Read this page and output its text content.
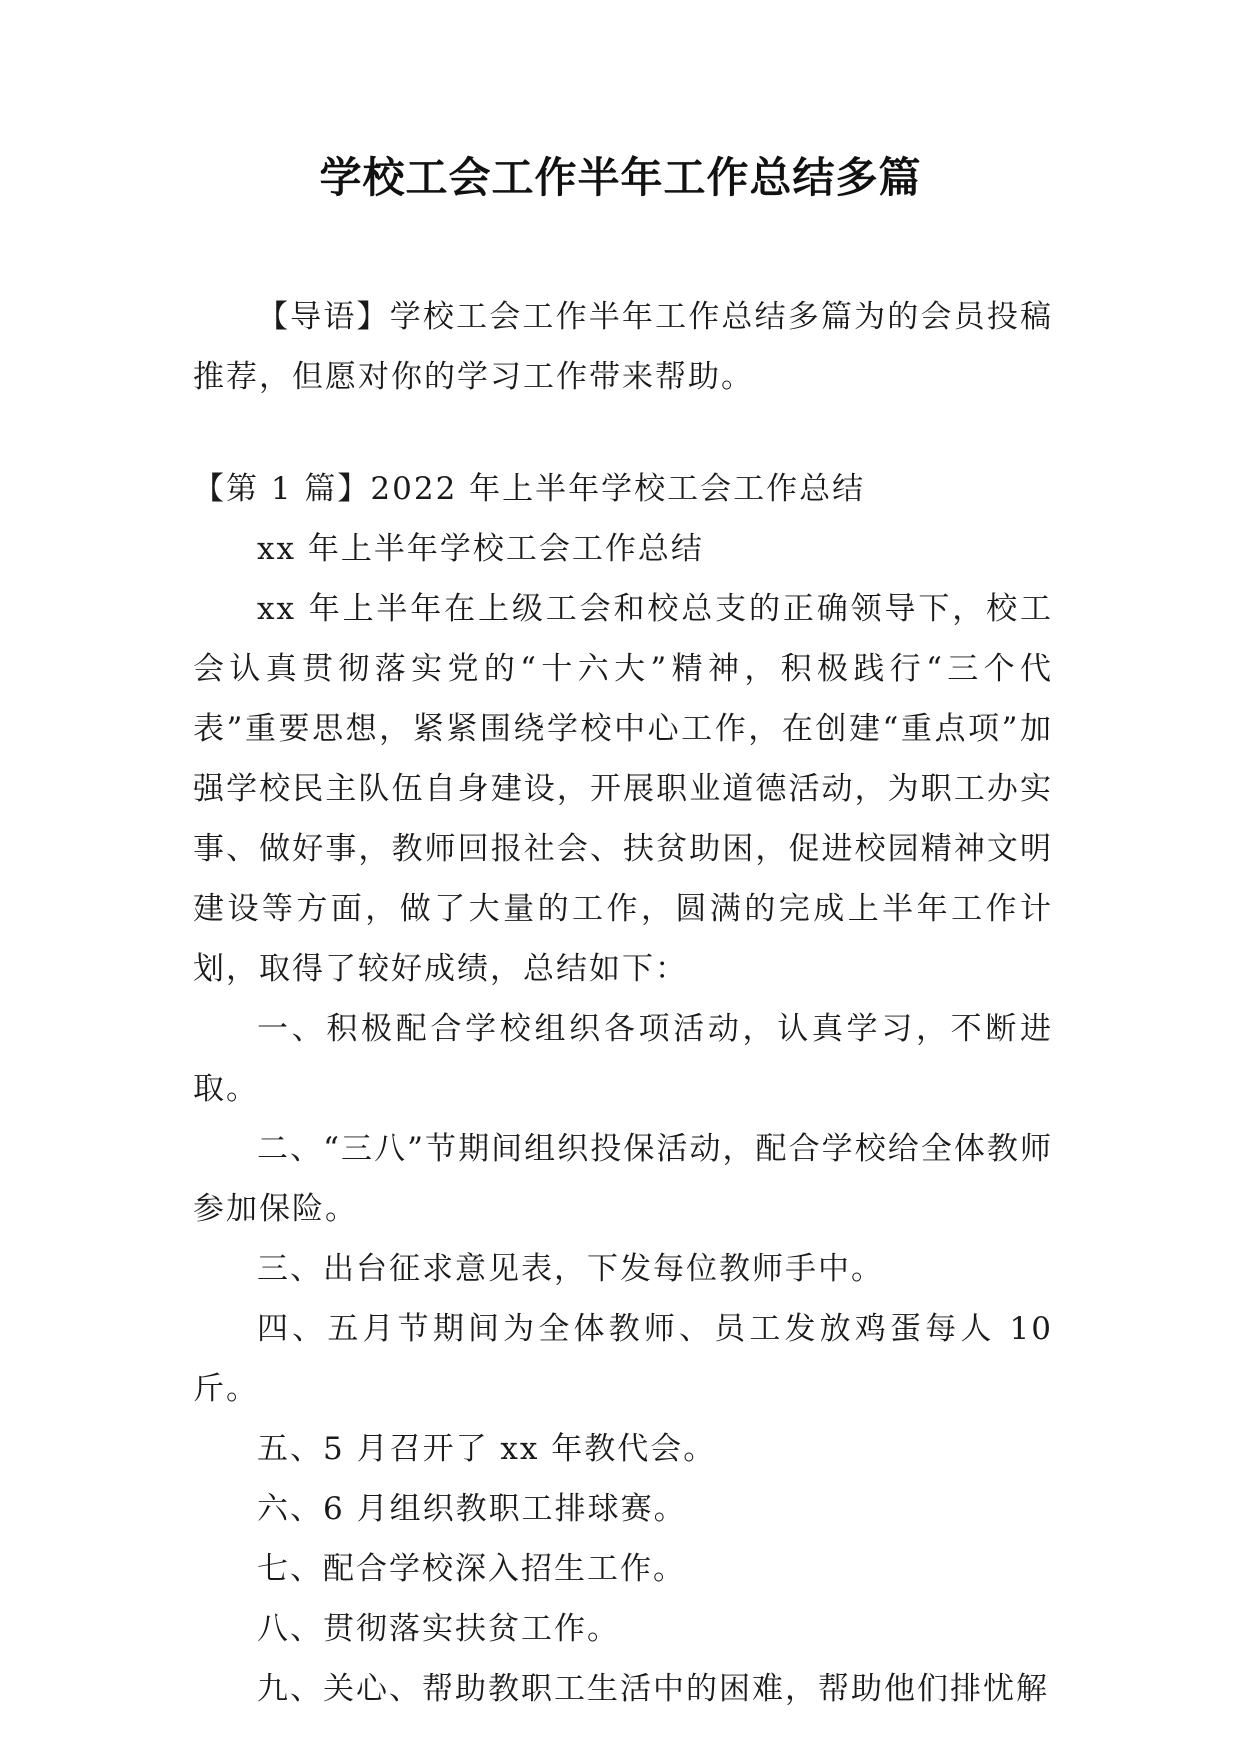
学校工会工作半年工作总结多篇

【导语】学校工会工作半年工作总结多篇为的会员投稿推荐，但愿对你的学习工作带来帮助。

【第 1 篇】2022 年上半年学校工会工作总结

xx 年上半年学校工会工作总结

xx 年上半年在上级工会和校总支的正确领导下，校工会认真贯彻落实党的“十六大”精神，积极践行“三个代表”重要思想，紧紧围绕学校中心工作，在创建“重点项”加强学校民主队伍自身建设，开展职业道德活动，为职工办实事、做好事，教师回报社会、扶贫助困，促进校园精神文明建设等方面，做了大量的工作，圆满的完成上半年工作计划，取得了较好成绩，总结如下：

一、积极配合学校组织各项活动，认真学习，不断进取。

二、“三八”节期间组织投保活动，配合学校给全体教师参加保险。

三、出台征求意见表，下发每位教师手中。

四、五月节期间为全体教师、员工发放鸡蛋每人 10 斤。

五、5 月召开了 xx 年教代会。

六、6 月组织教职工排球赛。

七、配合学校深入招生工作。

八、贯彻落实扶贫工作。

九、关心、帮助教职工生活中的困难，帮助他们排忧解
